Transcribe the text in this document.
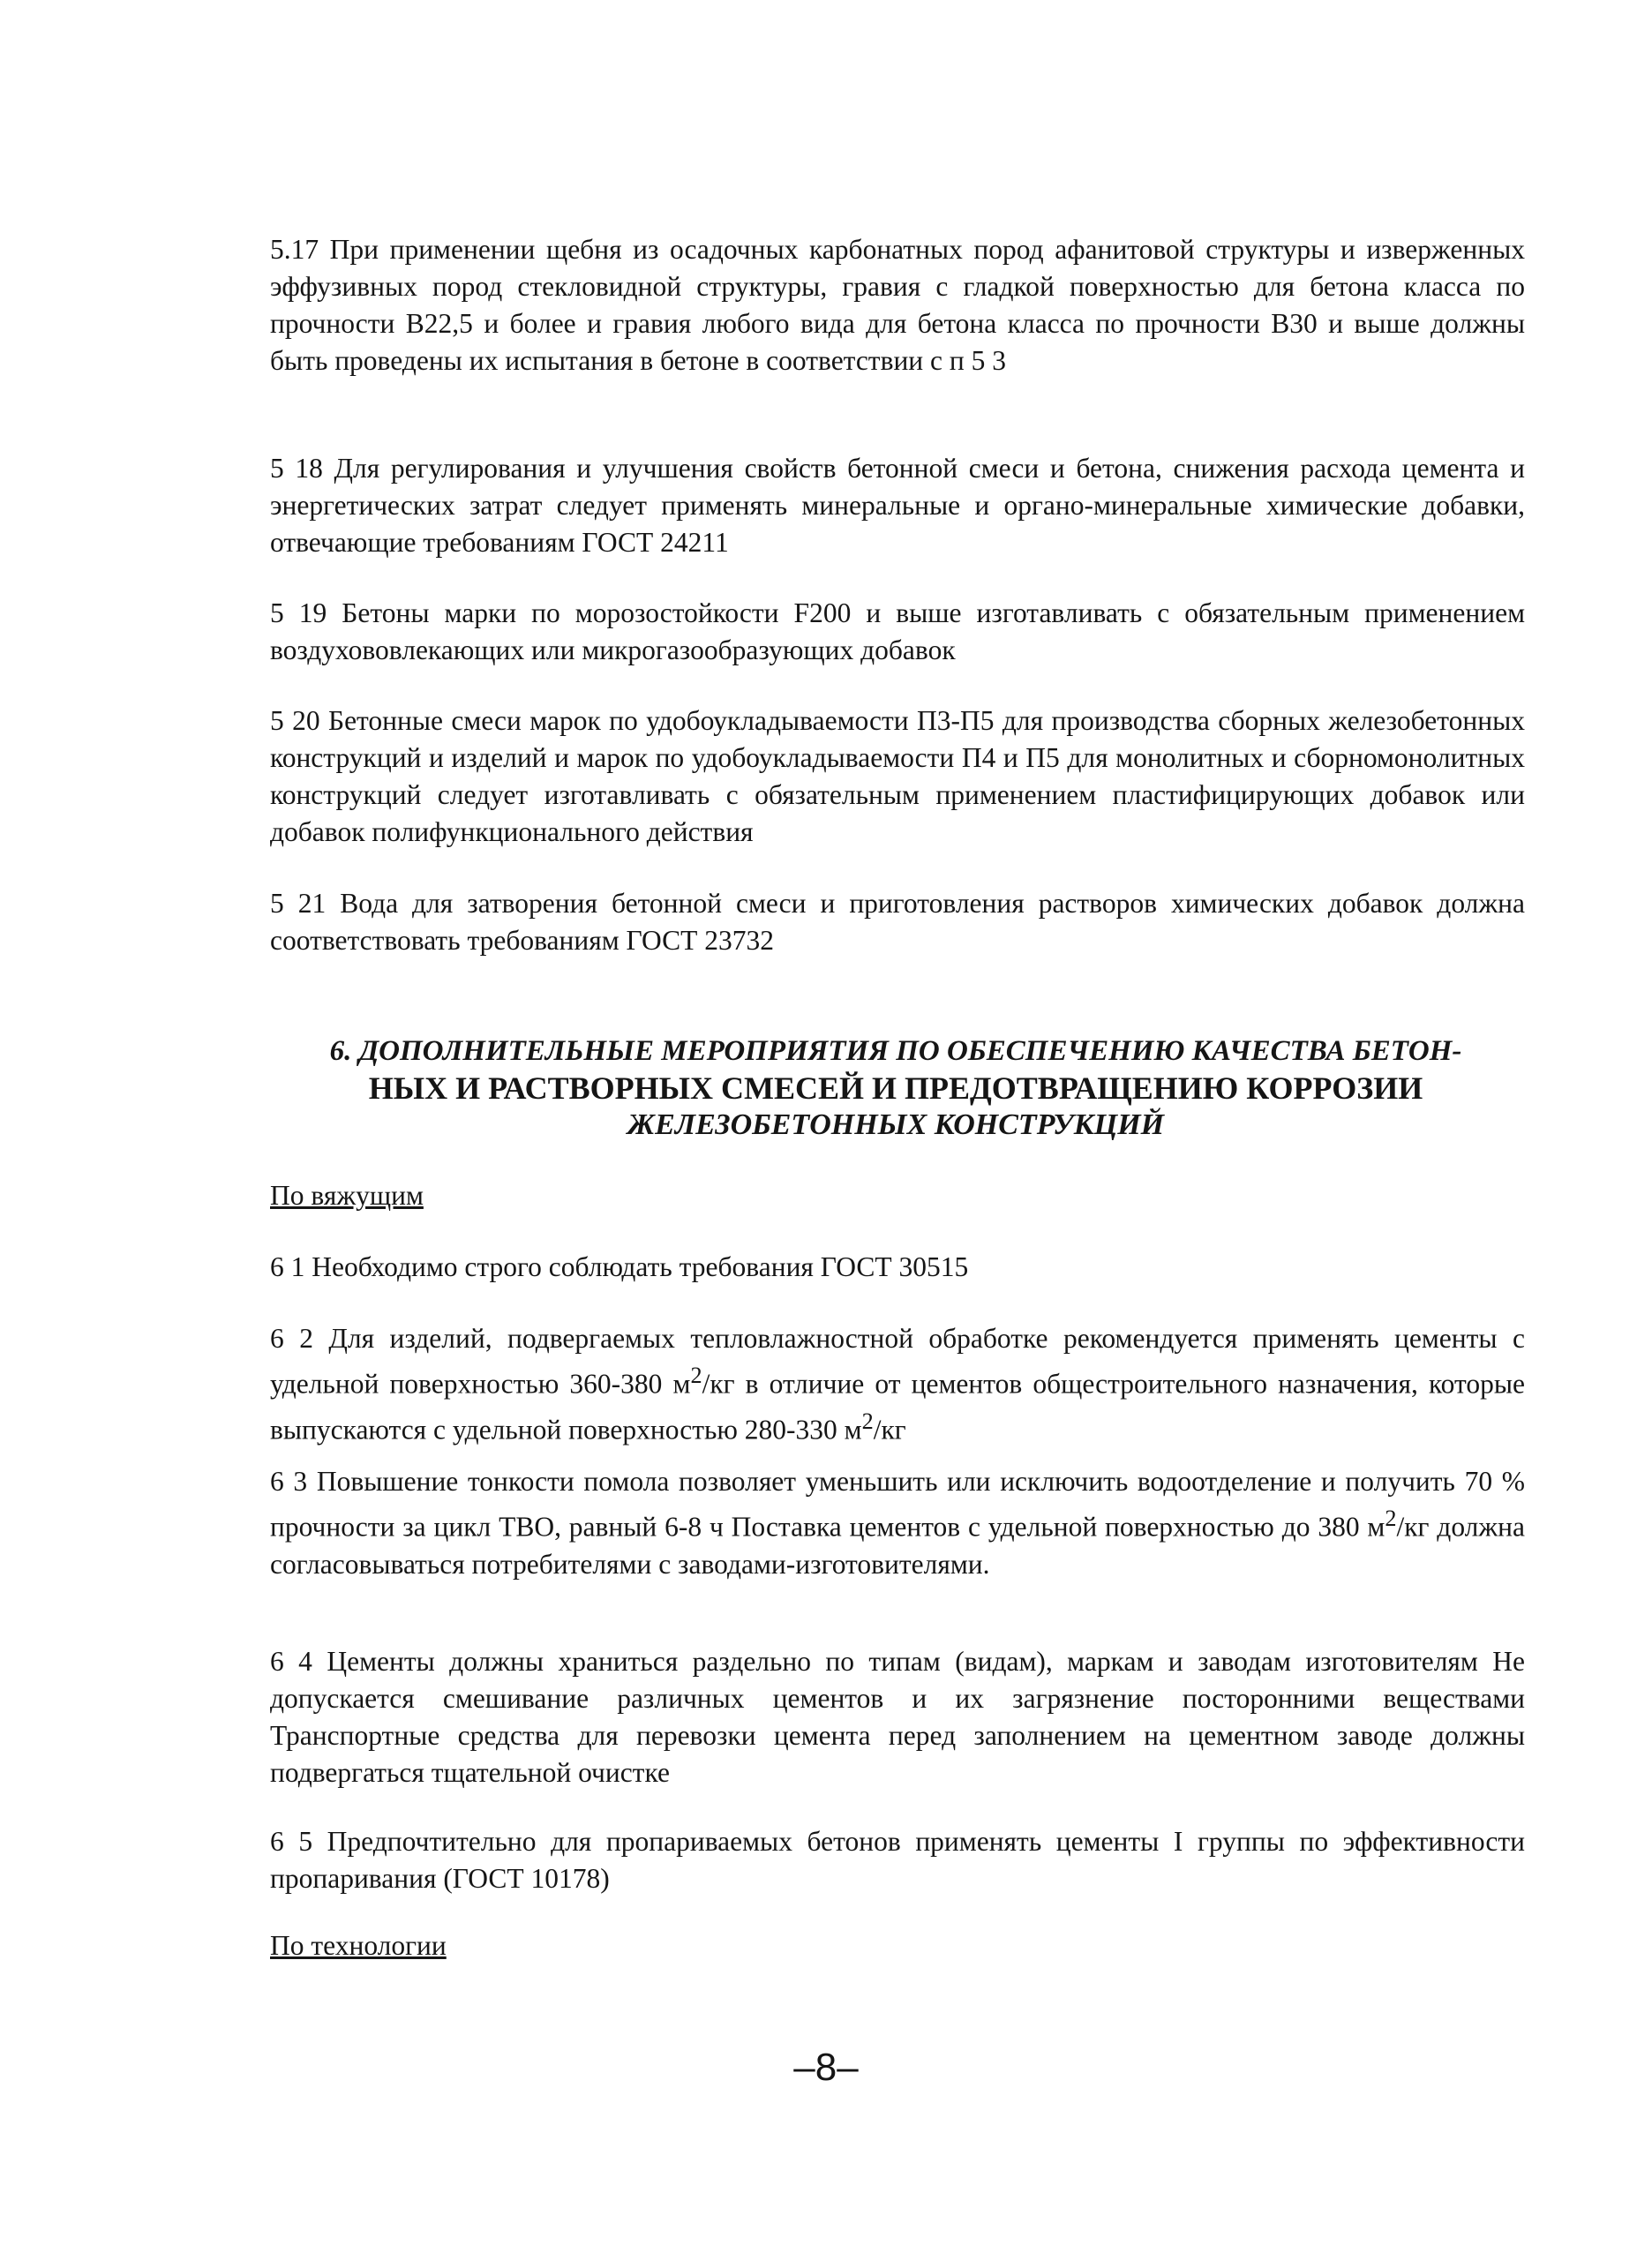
5.17 При применении щебня из осадочных карбонатных пород афанитовой структуры и изверженных эффузивных пород стекловидной структуры, гравия с гладкой поверхностью для бетона класса по прочности В22,5 и более и гравия любого вида для бетона класса по прочности В30 и выше должны быть проведены их испытания в бетоне в соответствии с п 5 3

5 18 Для регулирования и улучшения свойств бетонной смеси и бетона, снижения расхода цемента и энергетических затрат следует применять минеральные и органо-минеральные химические добавки, отвечающие требованиям ГОСТ 24211

5 19 Бетоны марки по морозостойкости F200 и выше изготавливать с обязательным применением воздухововлекающих или микрогазообразующих добавок

5 20 Бетонные смеси марок по удобоукладываемости П3-П5 для производства сборных железобетонных конструкций и изделий и марок по удобоукладываемости П4 и П5 для монолитных и сборномонолитных конструкций следует изготавливать с обязательным применением пластифицирующих добавок или добавок полифункционального действия

5 21 Вода для затворения бетонной смеси и приготовления растворов химических добавок должна соответствовать требованиям ГОСТ 23732

6. ДОПОЛНИТЕЛЬНЫЕ МЕРОПРИЯТИЯ ПО ОБЕСПЕЧЕНИЮ КАЧЕСТВА БЕТОН-
НЫХ И РАСТВОРНЫХ СМЕСЕЙ И ПРЕДОТВРАЩЕНИЮ КОРРОЗИИ
ЖЕЛЕЗОБЕТОННЫХ КОНСТРУКЦИЙ

По вяжущим

6 1 Необходимо строго соблюдать требования ГОСТ 30515

6 2 Для изделий, подвергаемых тепловлажностной обработке рекомендуется применять цементы с удельной поверхностью 360-380 $м^2/кг$ в отличие от цементов общестроительного назначения, которые выпускаются с удельной поверхностью 280-330 $м^2/кг$

6 3 Повышение тонкости помола позволяет уменьшить или исключить водоотделение и получить 70 % прочности за цикл ТВО, равный 6-8 ч Поставка цементов с удельной поверхностью до 380 $м^2/кг$ должна согласовываться потребителями с заводами-изготовителями.

6 4 Цементы должны храниться раздельно по типам (видам), маркам и заводам изготовителям Не допускается смешивание различных цементов и их загрязнение посторонними веществами Транспортные средства для перевозки цемента перед заполнением на цементном заводе должны подвергаться тщательной очистке

6 5 Предпочтительно для пропариваемых бетонов применять цементы I группы по эффективности пропаривания (ГОСТ 10178)

По технологии

–8–
